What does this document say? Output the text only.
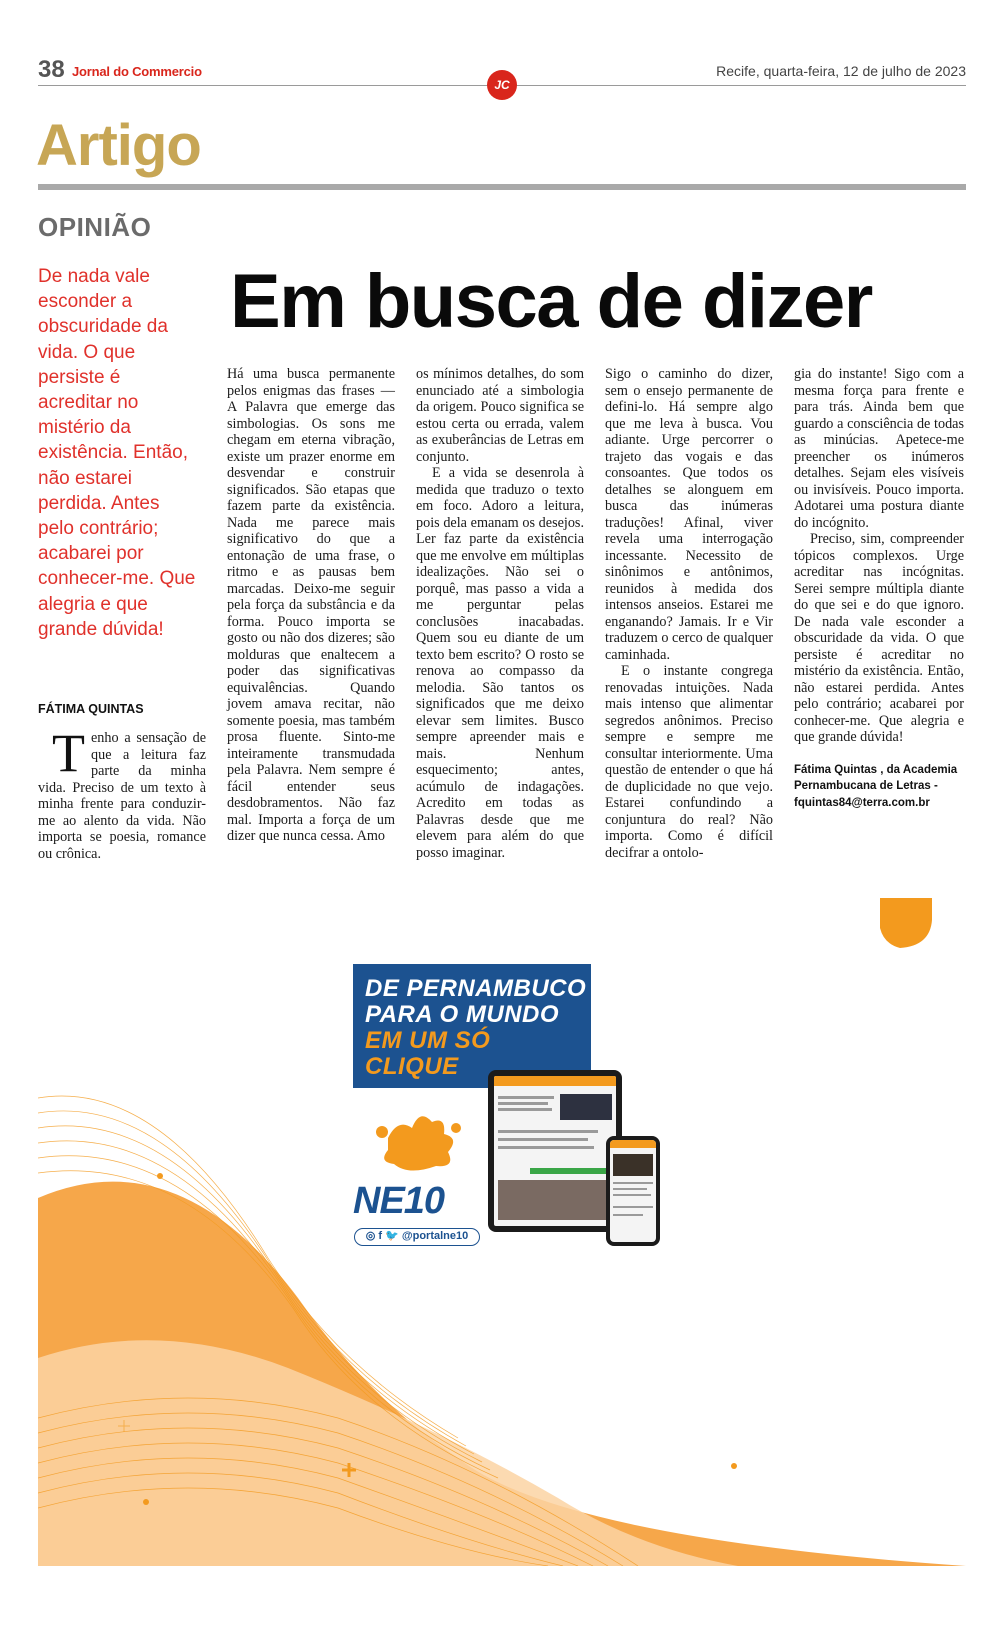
38 Jornal do Commercio	Recife, quarta-feira, 12 de julho de 2023
JC
Artigo
OPINIÃO
De nada vale esconder a obscuridade da vida. O que persiste é acreditar no mistério da existência. Então, não estarei perdida. Antes pelo contrário; acabarei por conhecer-me. Que alegria e que grande dúvida!
Em busca de dizer
FÁTIMA QUINTAS

Tenho a sensação de que a leitura faz parte da minha vida. Preciso de um texto à minha frente para conduzir-me ao alento da vida. Não importa se poesia, romance ou crônica.

Há uma busca permanente pelos enigmas das frases — A Palavra que emerge das simbologias. Os sons me chegam em eterna vibração, existe um prazer enorme em desvendar e construir significados. São etapas que fazem parte da existência. Nada me parece mais significativo do que a entonação de uma frase, o ritmo e as pausas bem marcadas. Deixo-me seguir pela força da substância e da forma. Pouco importa se gosto ou não dos dizeres; são molduras que enaltecem a poder das significativas equivalências. Quando jovem amava recitar, não somente poesia, mas também prosa fluente. Sinto-me inteiramente transmudada pela Palavra. Nem sempre é fácil entender seus desdobramentos. Não faz mal. Importa a força de um dizer que nunca cessa. Amo

os mínimos detalhes, do som enunciado até a simbologia da origem. Pouco significa se estou certa ou errada, valem as exuberâncias de Letras em conjunto.

E a vida se desenrola à medida que traduzo o texto em foco. Adoro a leitura, pois dela emanam os desejos. Ler faz parte da existência que me envolve em múltiplas idealizações. Não sei o porquê, mas passo a vida a me perguntar pelas conclusões inacabadas. Quem sou eu diante de um texto bem escrito? O rosto se renova ao compasso da melodia. São tantos os significados que me deixo elevar sem limites. Busco sempre apreender mais e mais. Nenhum esquecimento; antes, acúmulo de indagações. Acredito em todas as Palavras desde que me elevem para além do que posso imaginar.

Sigo o caminho do dizer, sem o ensejo permanente de defini-lo. Há sempre algo que me leva à busca. Vou adiante. Urge percorrer o trajeto das vogais e das consoantes. Que todos os detalhes se alonguem em busca das inúmeras traduções! Afinal, viver revela uma interrogação incessante. Necessito de sinônimos e antônimos, reunidos à medida dos intensos anseios. Estarei me enganando? Jamais. Ir e Vir traduzem o cerco de qualquer caminhada.

E o instante congrega renovadas intuições. Nada mais intenso que alimentar segredos anônimos. Preciso sempre e sempre me consultar interiormente. Uma questão de entender o que há de duplicidade no que vejo. Estarei confundindo a conjuntura do real? Não importa. Como é difícil decifrar a ontolo-

gia do instante! Sigo com a mesma força para frente e para trás. Ainda bem que guardo a consciência de todas as minúcias. Apetece-me preencher os inúmeros detalhes. Sejam eles visíveis ou invisíveis. Pouco importa. Adotarei uma postura diante do incógnito.

Preciso, sim, compreender tópicos complexos. Urge acreditar nas incógnitas. Serei sempre múltipla diante do que sei e do que ignoro. De nada vale esconder a obscuridade da vida. O que persiste é acreditar no mistério da existência. Então, não estarei perdida. Antes pelo contrário; acabarei por conhecer-me. Que alegria e que grande dúvida!

Fátima Quintas , da Academia Pernambucana de Letras - fquintas84@terra.com.br
DE PERNAMBUCO
PARA O MUNDO
EM UM SÓ
CLIQUE
NE10
◎ f 🐦 @portalne10
